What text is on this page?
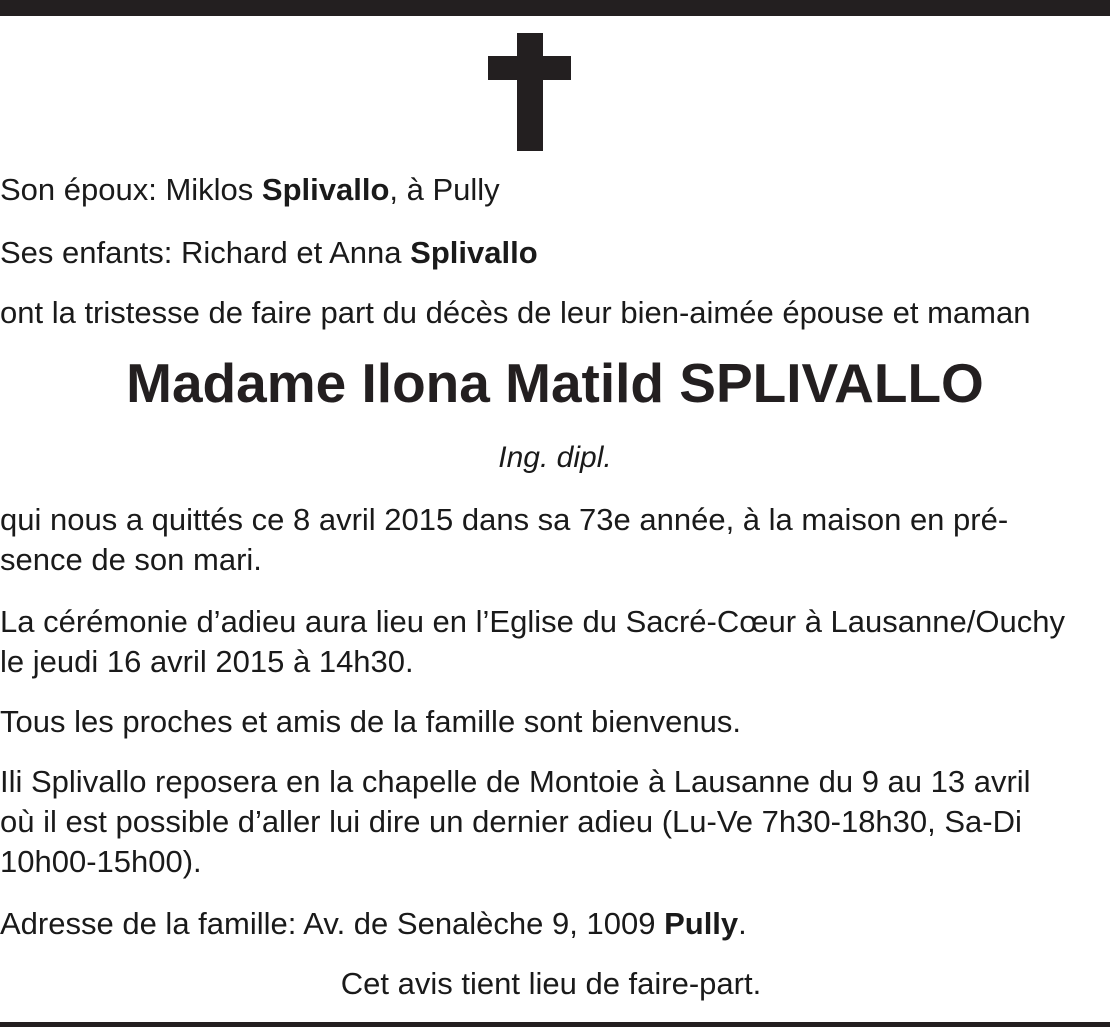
Son époux: Miklos Splivallo, à Pully
Ses enfants: Richard et Anna Splivallo
ont la tristesse de faire part du décès de leur bien-aimée épouse et maman
Madame Ilona Matild SPLIVALLO
Ing. dipl.
qui nous a quittés ce 8 avril 2015 dans sa 73e année, à la maison en pré-
sence de son mari.
La cérémonie d’adieu aura lieu en l’Eglise du Sacré-Cœur à Lausanne/Ouchy
le jeudi 16 avril 2015 à 14h30.
Tous les proches et amis de la famille sont bienvenus.
Ili Splivallo reposera en la chapelle de Montoie à Lausanne du 9 au 13 avril
où il est possible d’aller lui dire un dernier adieu (Lu-Ve 7h30-18h30, Sa-Di
10h00-15h00).
Adresse de la famille: Av. de Senalèche 9, 1009 Pully.
Cet avis tient lieu de faire-part.
